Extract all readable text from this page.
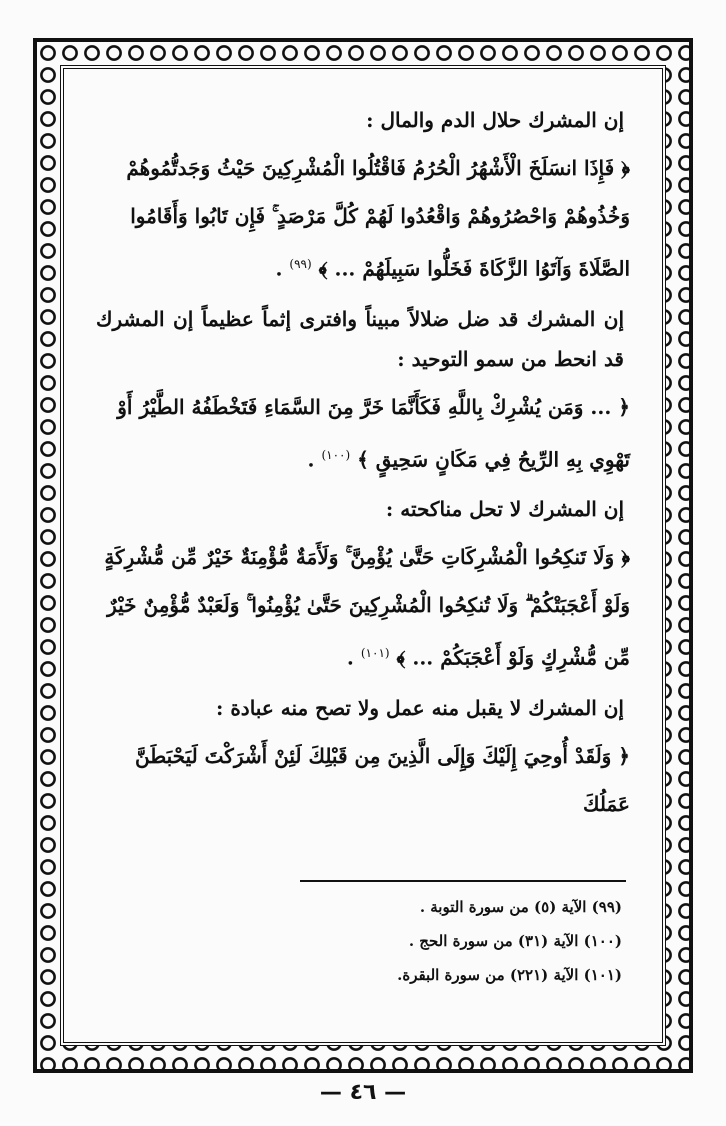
إن المشرك حلال الدم والمال :

﴿ فَإِذَا انسَلَخَ الْأَشْهُرُ الْحُرُمُ فَاقْتُلُوا الْمُشْرِكِينَ حَيْثُ وَجَدتُّمُوهُمْ وَخُذُوهُمْ وَاحْصُرُوهُمْ وَاقْعُدُوا لَهُمْ كُلَّ مَرْصَدٍ ۚ فَإِن تَابُوا وَأَقَامُوا الصَّلَاةَ وَآتَوُا الزَّكَاةَ فَخَلُّوا سَبِيلَهُمْ ... ﴾ $^{(٩٩)}$ .

إن المشرك قد ضل ضلالاً مبيناً وافترى إثماً عظيماً إن المشرك قد انحط من سمو التوحيد :

﴿ ... وَمَن يُشْرِكْ بِاللَّهِ فَكَأَنَّمَا خَرَّ مِنَ السَّمَاءِ فَتَخْطَفُهُ الطَّيْرُ أَوْ تَهْوِي بِهِ الرِّيحُ فِي مَكَانٍ سَحِيقٍ ﴾ $^{(١٠٠)}$ .

إن المشرك لا تحل مناكحته :

﴿ وَلَا تَنكِحُوا الْمُشْرِكَاتِ حَتَّىٰ يُؤْمِنَّ ۚ وَلَأَمَةٌ مُّؤْمِنَةٌ خَيْرٌ مِّن مُّشْرِكَةٍ وَلَوْ أَعْجَبَتْكُمْ ۗ وَلَا تُنكِحُوا الْمُشْرِكِينَ حَتَّىٰ يُؤْمِنُوا ۚ وَلَعَبْدٌ مُّؤْمِنٌ خَيْرٌ مِّن مُّشْرِكٍ وَلَوْ أَعْجَبَكُمْ ... ﴾ $^{(١٠١)}$ .

إن المشرك لا يقبل منه عمل ولا تصح منه عبادة :

﴿ وَلَقَدْ أُوحِيَ إِلَيْكَ وَإِلَى الَّذِينَ مِن قَبْلِكَ لَئِنْ أَشْرَكْتَ لَيَحْبَطَنَّ عَمَلُكَ

(٩٩) الآية (٥) من سورة التوبة .

(١٠٠) الآية (٣١) من سورة الحج .

(١٠١) الآية (٢٢١) من سورة البقرة.

— ٤٦ —
